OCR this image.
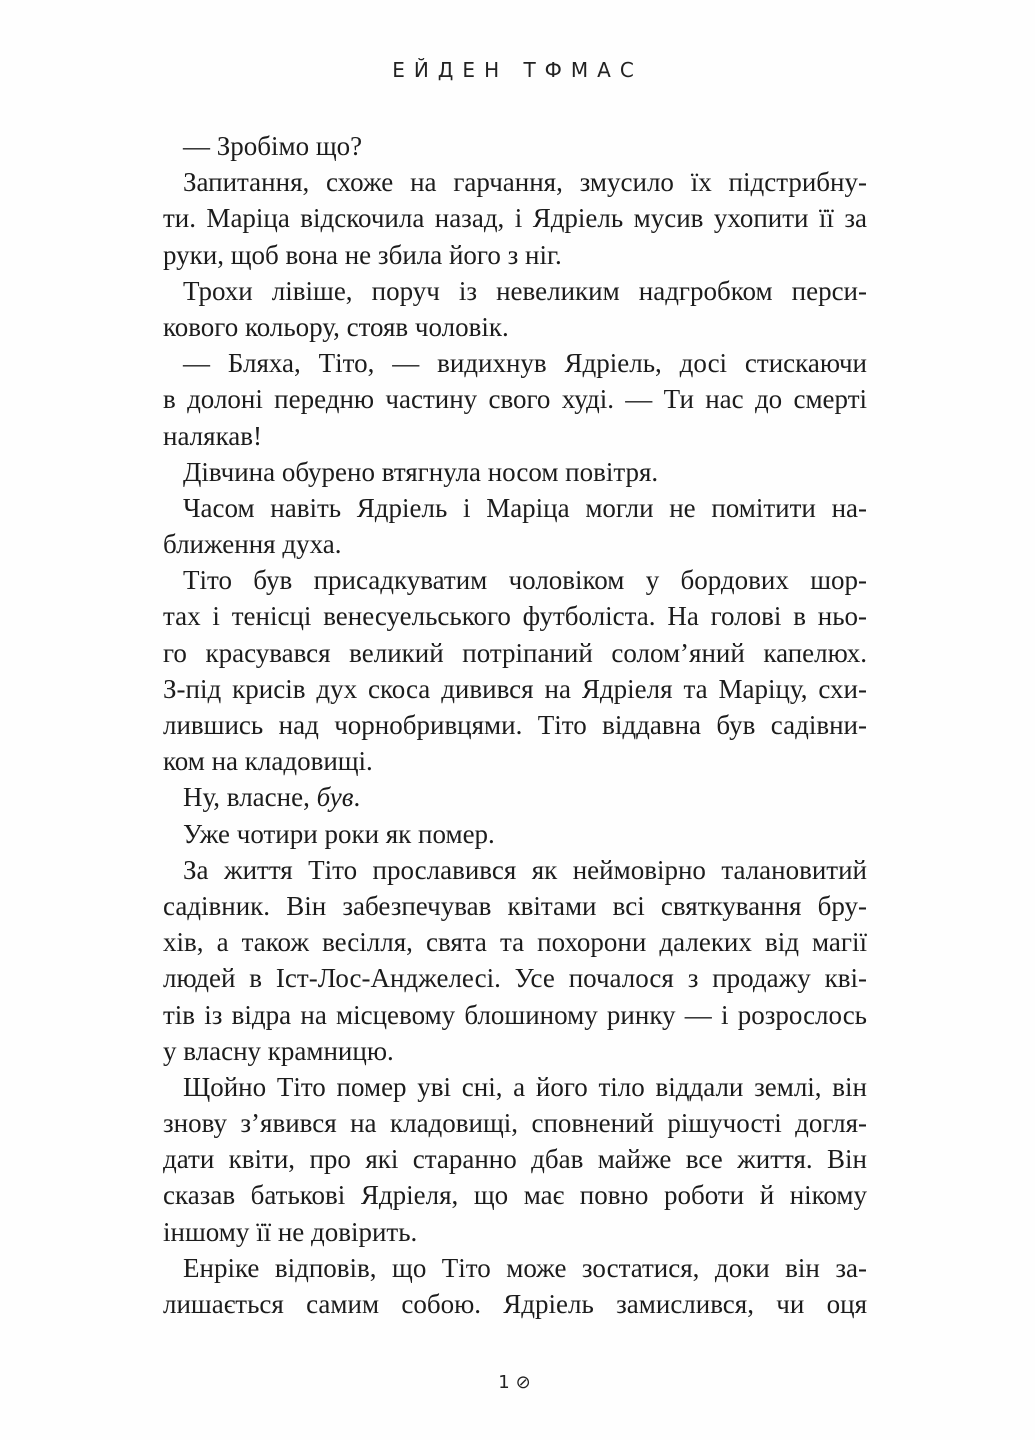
ЕЙДЕН ТФМАС
— Зробімо що?
Запитання, схоже на гарчання, змусило їх підстрибну-
ти. Маріца відскочила назад, і Ядріель мусив ухопити її за
руки, щоб вона не збила його з ніг.
Трохи лівіше, поруч із невеликим надгробком перси-
кового кольору, стояв чоловік.
— Бляха, Тіто, — видихнув Ядріель, досі стискаючи
в долоні передню частину свого худі. — Ти нас до смерті
налякав!
Дівчина обурено втягнула носом повітря.
Часом навіть Ядріель і Маріца могли не помітити на-
ближення духа.
Тіто був присадкуватим чоловіком у бордових шор-
тах і тенісці венесуельського футболіста. На голові в ньо-
го красувався великий потріпаний солом’яний капелюх.
З-під крисів дух скоса дивився на Ядріеля та Маріцу, схи-
лившись над чорнобривцями. Тіто віддавна був садівни-
ком на кладовищі.
Ну, власне, був.
Уже чотири роки як помер.
За життя Тіто прославився як неймовірно талановитий
садівник. Він забезпечував квітами всі святкування бру-
хів, а також весілля, свята та похорони далеких від магії
людей в Іст-Лос-Анджелесі. Усе почалося з продажу кві-
тів із відра на місцевому блошиному ринку — і розрослось
у власну крамницю.
Щойно Тіто помер уві сні, а його тіло віддали землі, він
знову з’явився на кладовищі, сповнений рішучості догля-
дати квіти, про які старанно дбав майже все життя. Він
сказав батькові Ядріеля, що має повно роботи й нікому
іншому її не довірить.
Енріке відповів, що Тіто може зостатися, доки він за-
лишається самим собою. Ядріель замислився, чи оця
1⊘
